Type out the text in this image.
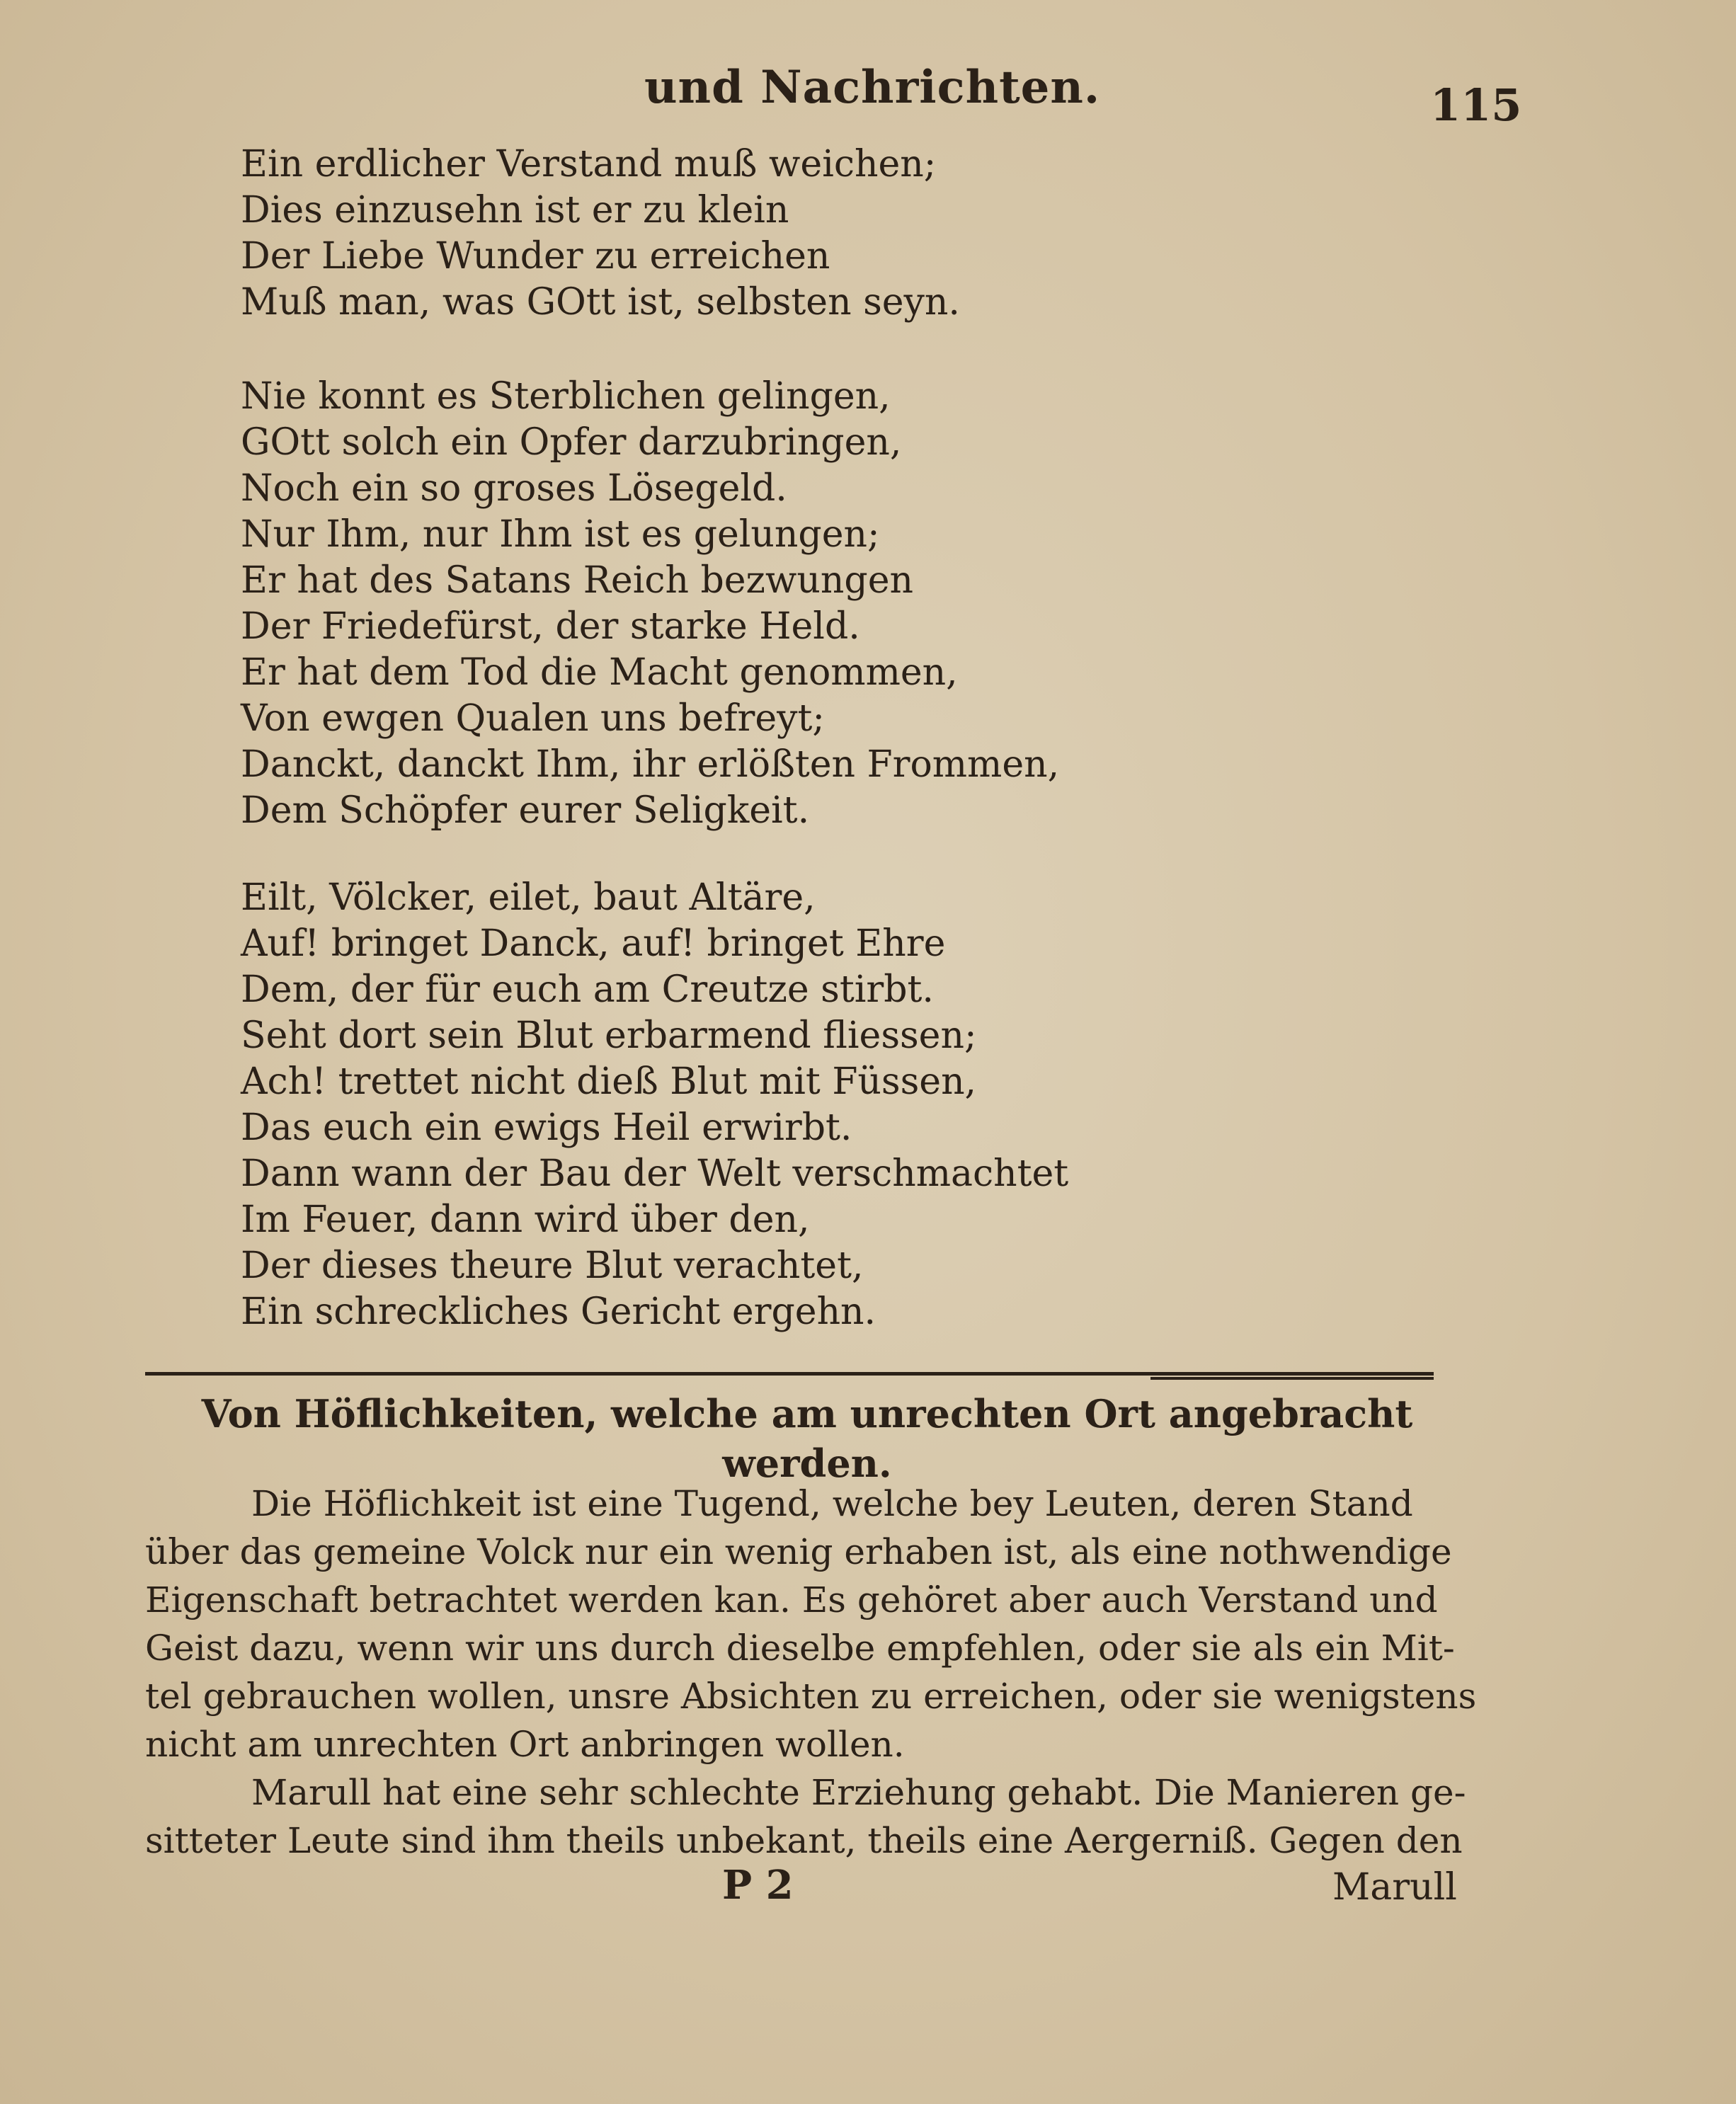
und Nachrichten.	115
Ein erdlicher Verstand muß weichen;
Dies einzusehn ist er zu klein
Der Liebe Wunder zu erreichen
Muß man, was GOtt ist, selbsten seyn.
Nie konnt es Sterblichen gelingen,
GOtt solch ein Opfer darzubringen,
Noch ein so groses Lösegeld.
Nur Ihm, nur Ihm ist es gelungen;
Er hat des Satans Reich bezwungen
Der Friedefürst, der starke Held.
Er hat dem Tod die Macht genommen,
Von ewgen Qualen uns befreyt;
Danckt, danckt Ihm, ihr erlößten Frommen,
Dem Schöpfer eurer Seligkeit.
Eilt, Völcker, eilet, baut Altäre,
Auf! bringet Danck, auf! bringet Ehre
Dem, der für euch am Creutze stirbt.
Seht dort sein Blut erbarmend fliessen;
Ach! trettet nicht dieß Blut mit Füssen,
Das euch ein ewigs Heil erwirbt.
Dann wann der Bau der Welt verschmachtet
Im Feuer, dann wird über den,
Der dieses theure Blut verachtet,
Ein schreckliches Gericht ergehn.
Von Höflichkeiten, welche am unrechten Ort angebracht
werden.
Die Höflichkeit ist eine Tugend, welche bey Leuten, deren Stand
über das gemeine Volck nur ein wenig erhaben ist, als eine nothwendige
Eigenschaft betrachtet werden kan. Es gehöret aber auch Verstand und
Geist dazu, wenn wir uns durch dieselbe empfehlen, oder sie als ein Mit-
tel gebrauchen wollen, unsre Absichten zu erreichen, oder sie wenigstens
nicht am unrechten Ort anbringen wollen.
Marull hat eine sehr schlechte Erziehung gehabt. Die Manieren ge-
sitteter Leute sind ihm theils unbekant, theils eine Aergerniß. Gegen den
P 2	Marull
